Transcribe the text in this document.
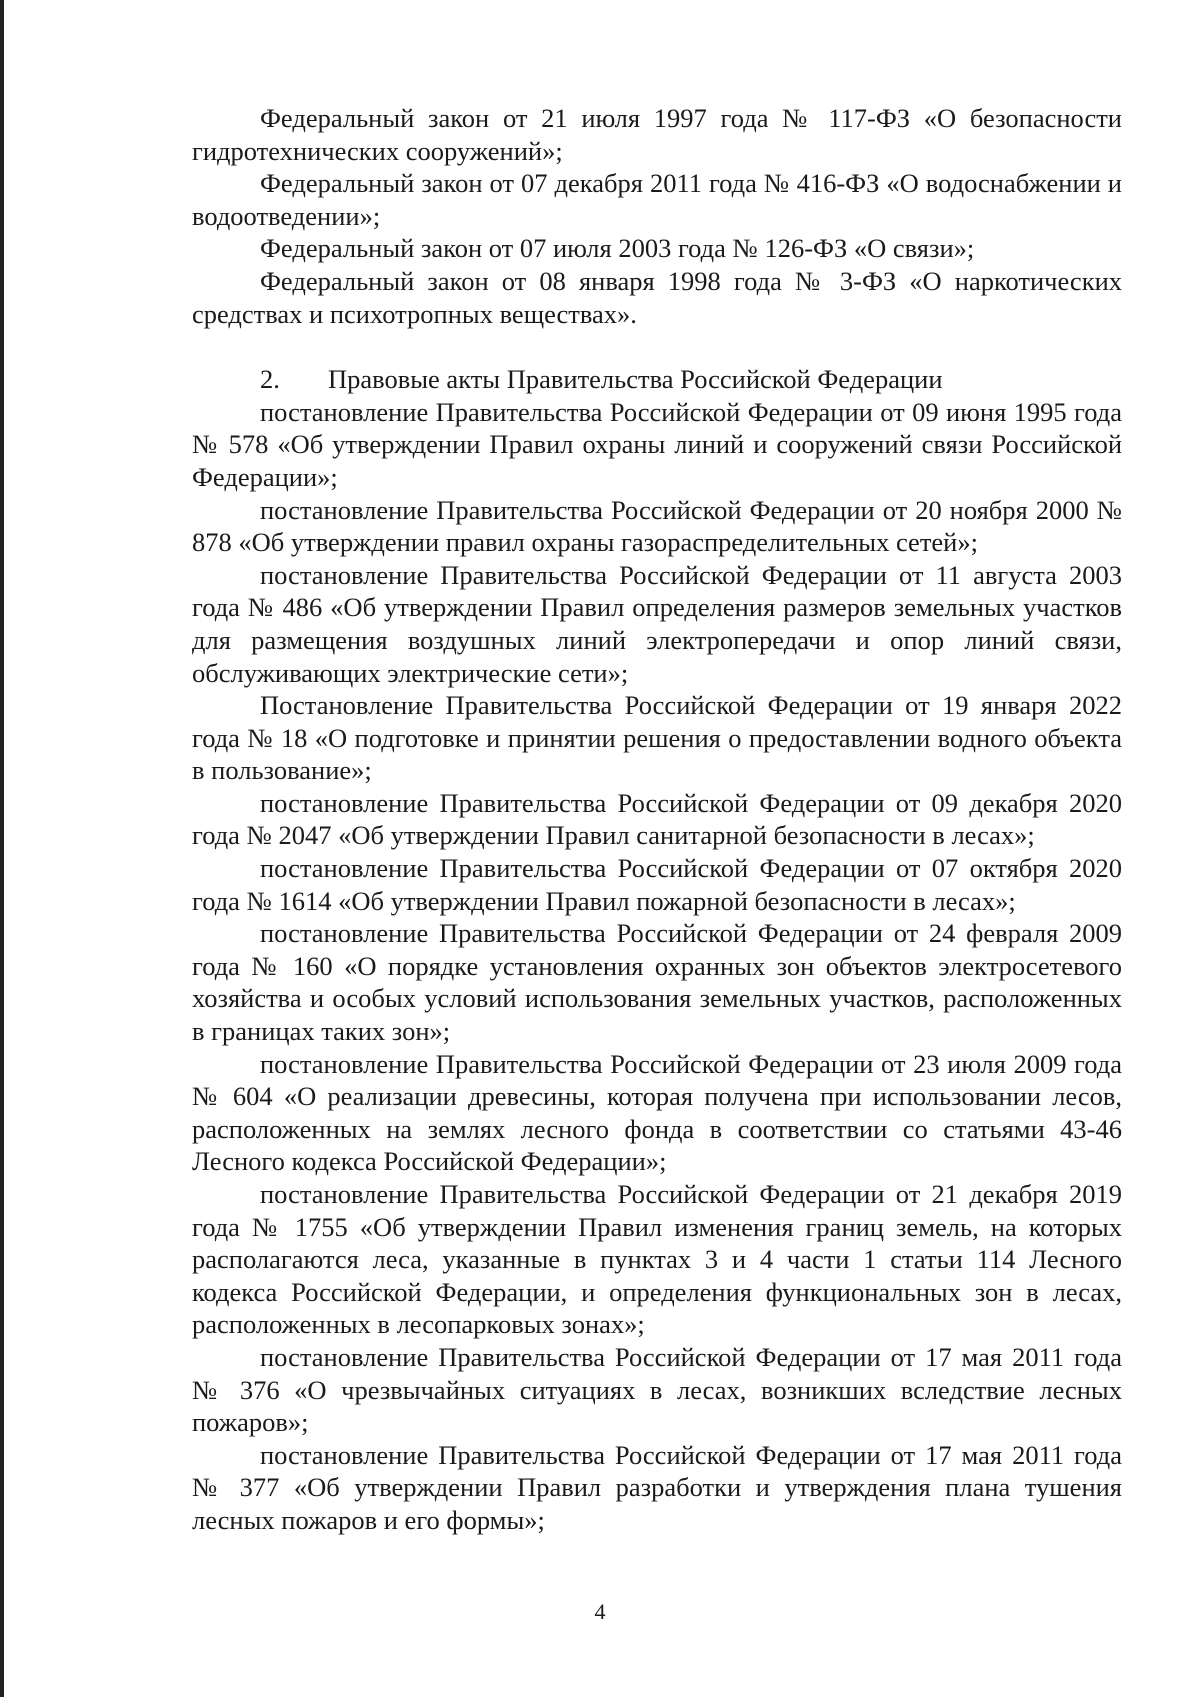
Федеральный закон от 21 июля 1997 года № 117-ФЗ «О безопасности гидротехнических сооружений»;

Федеральный закон от 07 декабря 2011 года № 416-ФЗ «О водоснабжении и водоотведении»;

Федеральный закон от 07 июля 2003 года № 126-ФЗ «О связи»;

Федеральный закон от 08 января 1998 года № 3-ФЗ «О наркотических средствах и психотропных веществах».

2. Правовые акты Правительства Российской Федерации

постановление Правительства Российской Федерации от 09 июня 1995 года № 578 «Об утверждении Правил охраны линий и сооружений связи Российской Федерации»;

постановление Правительства Российской Федерации от 20 ноября 2000 № 878 «Об утверждении правил охраны газораспределительных сетей»;

постановление Правительства Российской Федерации от 11 августа 2003 года № 486 «Об утверждении Правил определения размеров земельных участков для размещения воздушных линий электропередачи и опор линий связи, обслуживающих электрические сети»;

Постановление Правительства Российской Федерации от 19 января 2022 года № 18 «О подготовке и принятии решения о предоставлении водного объекта в пользование»;

постановление Правительства Российской Федерации от 09 декабря 2020 года № 2047 «Об утверждении Правил санитарной безопасности в лесах»;

постановление Правительства Российской Федерации от 07 октября 2020 года № 1614 «Об утверждении Правил пожарной безопасности в лесах»;

постановление Правительства Российской Федерации от 24 февраля 2009 года № 160 «О порядке установления охранных зон объектов электросетевого хозяйства и особых условий использования земельных участков, расположенных в границах таких зон»;

постановление Правительства Российской Федерации от 23 июля 2009 года № 604 «О реализации древесины, которая получена при использовании лесов, расположенных на землях лесного фонда в соответствии со статьями 43-46 Лесного кодекса Российской Федерации»;

постановление Правительства Российской Федерации от 21 декабря 2019 года № 1755 «Об утверждении Правил изменения границ земель, на которых располагаются леса, указанные в пунктах 3 и 4 части 1 статьи 114 Лесного кодекса Российской Федерации, и определения функциональных зон в лесах, расположенных в лесопарковых зонах»;

постановление Правительства Российской Федерации от 17 мая 2011 года № 376 «О чрезвычайных ситуациях в лесах, возникших вследствие лесных пожаров»;

постановление Правительства Российской Федерации от 17 мая 2011 года № 377 «Об утверждении Правил разработки и утверждения плана тушения лесных пожаров и его формы»;

4
